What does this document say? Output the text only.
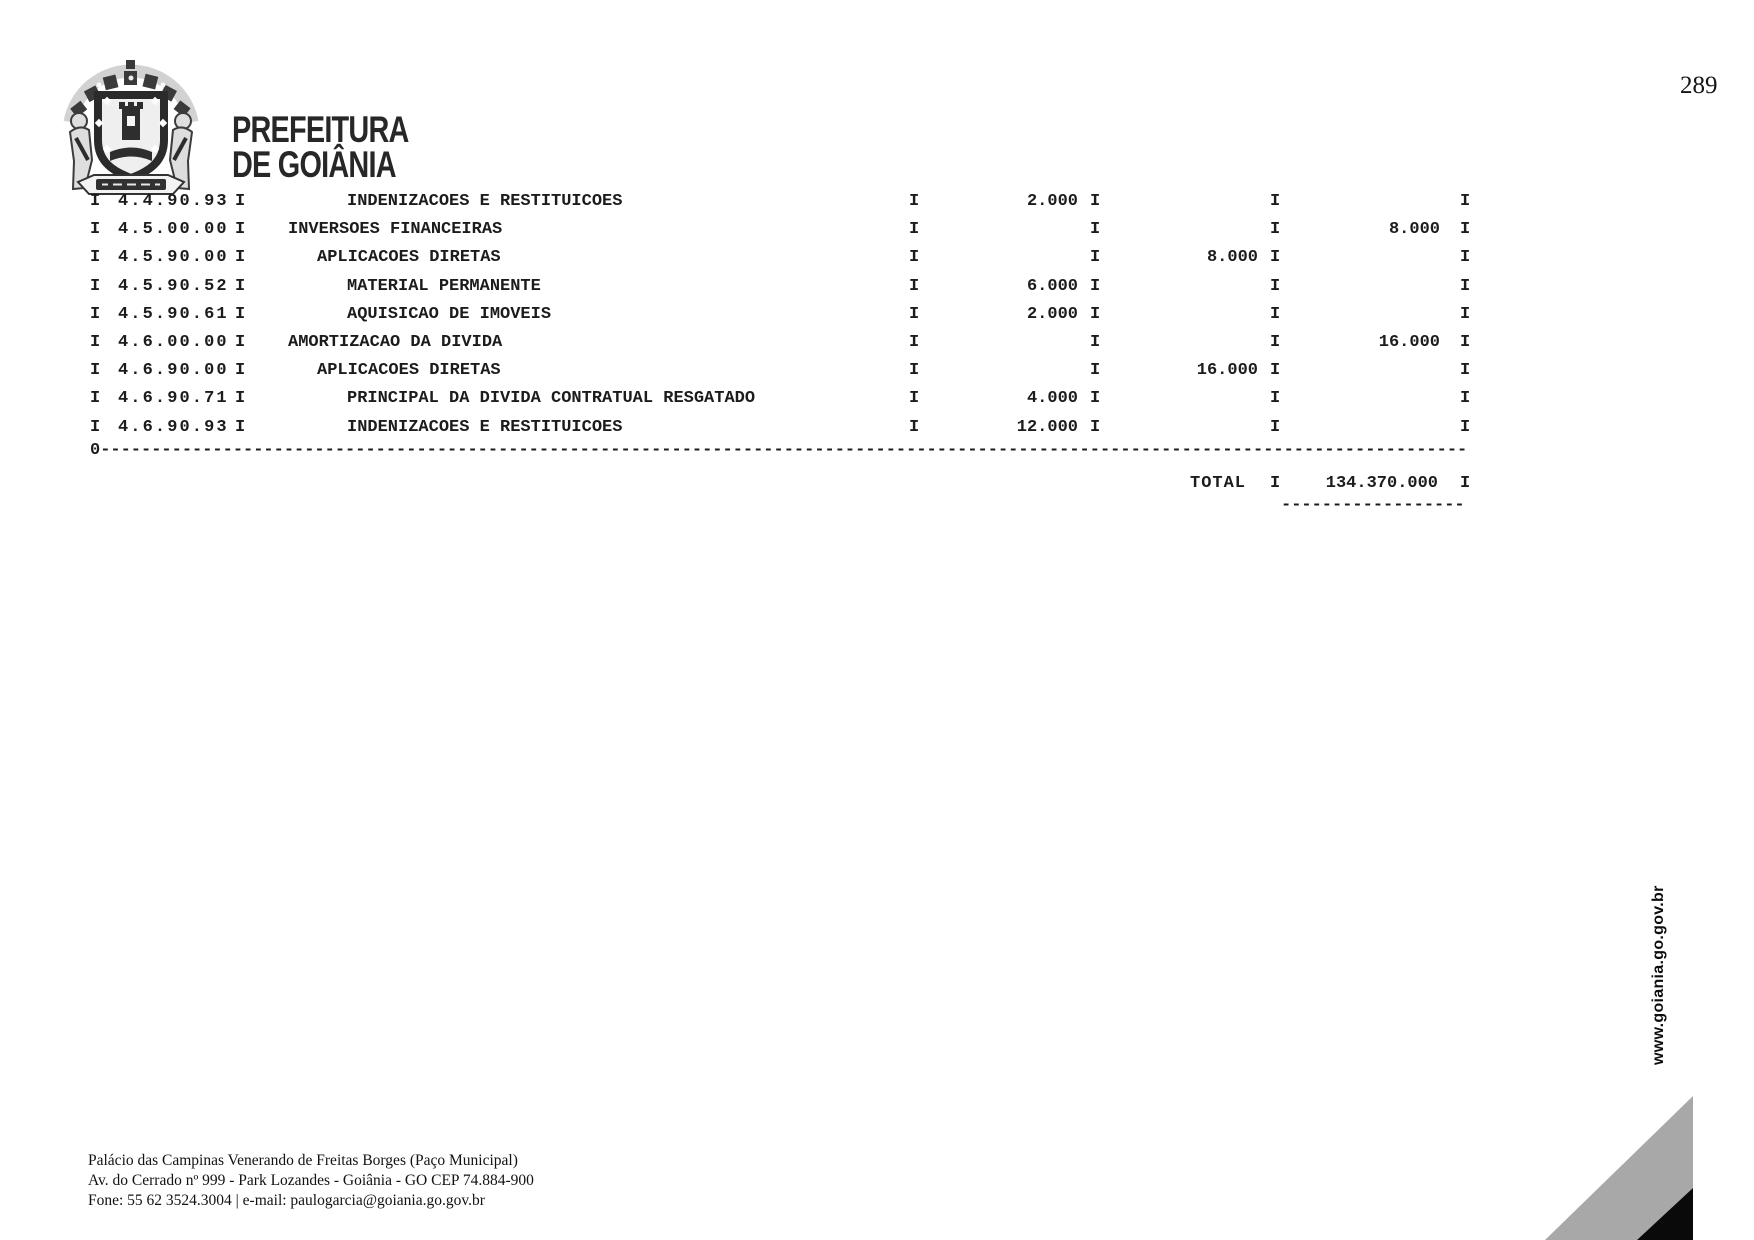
PREFEITURA
DE GOIÂNIA
289
I 4.4.90.93 I	INDENIZACOES E RESTITUICOES	I	2.000 I	I	I
I 4.5.00.00 I	INVERSOES FINANCEIRAS	I	I	I	8.000 I
I 4.5.90.00 I	APLICACOES DIRETAS	I	I	8.000 I	I
I 4.5.90.52 I	MATERIAL PERMANENTE	I	6.000 I	I	I
I 4.5.90.61 I	AQUISICAO DE IMOVEIS	I	2.000 I	I	I
I 4.6.00.00 I	AMORTIZACAO DA DIVIDA	I	I	I	16.000 I
I 4.6.90.00 I	APLICACOES DIRETAS	I	I	16.000 I	I
I 4.6.90.71 I	PRINCIPAL DA DIVIDA CONTRATUAL RESGATADO	I	4.000 I	I	I
I 4.6.90.93 I	INDENIZACOES E RESTITUICOES	I	12.000 I	I	I
0--------------------------------------------------------------------------------------------------------------------------------------
TOTAL I	134.370.000 I
------------------
www.goiania.go.gov.br
Palácio das Campinas Venerando de Freitas Borges (Paço Municipal)
Av. do Cerrado nº 999 - Park Lozandes - Goiânia - GO CEP 74.884-900
Fone: 55 62 3524.3004 | e-mail: paulogarcia@goiania.go.gov.br
